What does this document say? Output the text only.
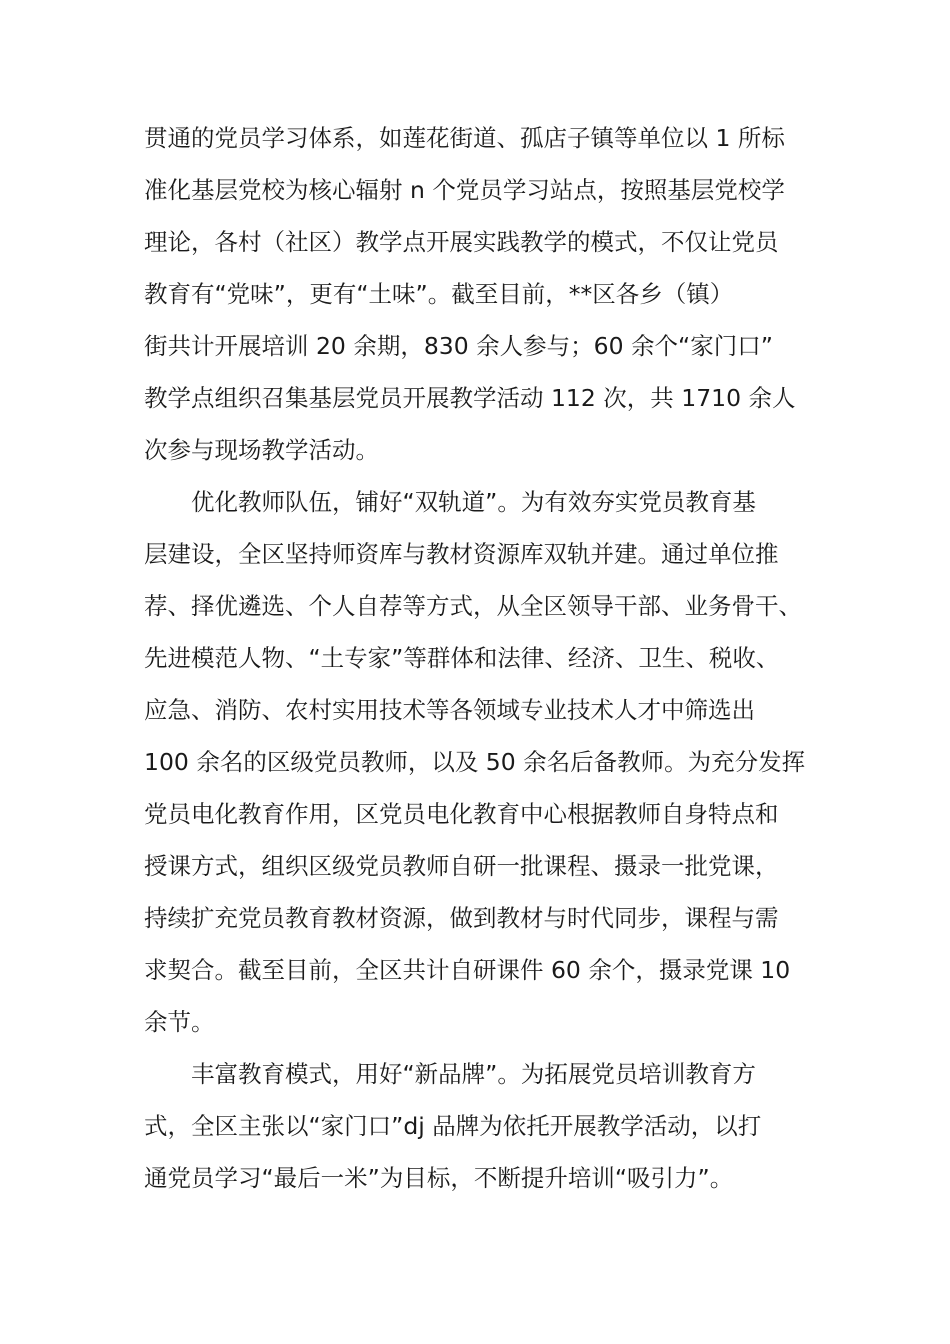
贯通的党员学习体系，如莲花街道、孤店子镇等单位以 1 所标
准化基层党校为核心辐射 n 个党员学习站点，按照基层党校学
理论，各村（社区）教学点开展实践教学的模式，不仅让党员
教育有“党味”，更有“土味”。截至目前，**区各乡（镇）
街共计开展培训 20 余期，830 余人参与；60 余个“家门口”
教学点组织召集基层党员开展教学活动 112 次，共 1710 余人
次参与现场教学活动。
优化教师队伍，铺好“双轨道”。为有效夯实党员教育基
层建设，全区坚持师资库与教材资源库双轨并建。通过单位推
荐、择优遴选、个人自荐等方式，从全区领导干部、业务骨干、
先进模范人物、“土专家”等群体和法律、经济、卫生、税收、
应急、消防、农村实用技术等各领域专业技术人才中筛选出
100 余名的区级党员教师，以及 50 余名后备教师。为充分发挥
党员电化教育作用，区党员电化教育中心根据教师自身特点和
授课方式，组织区级党员教师自研一批课程、摄录一批党课，
持续扩充党员教育教材资源，做到教材与时代同步，课程与需
求契合。截至目前，全区共计自研课件 60 余个，摄录党课 10
余节。
丰富教育模式，用好“新品牌”。为拓展党员培训教育方
式，全区主张以“家门口”dj 品牌为依托开展教学活动，以打
通党员学习“最后一米”为目标，不断提升培训“吸引力”。
